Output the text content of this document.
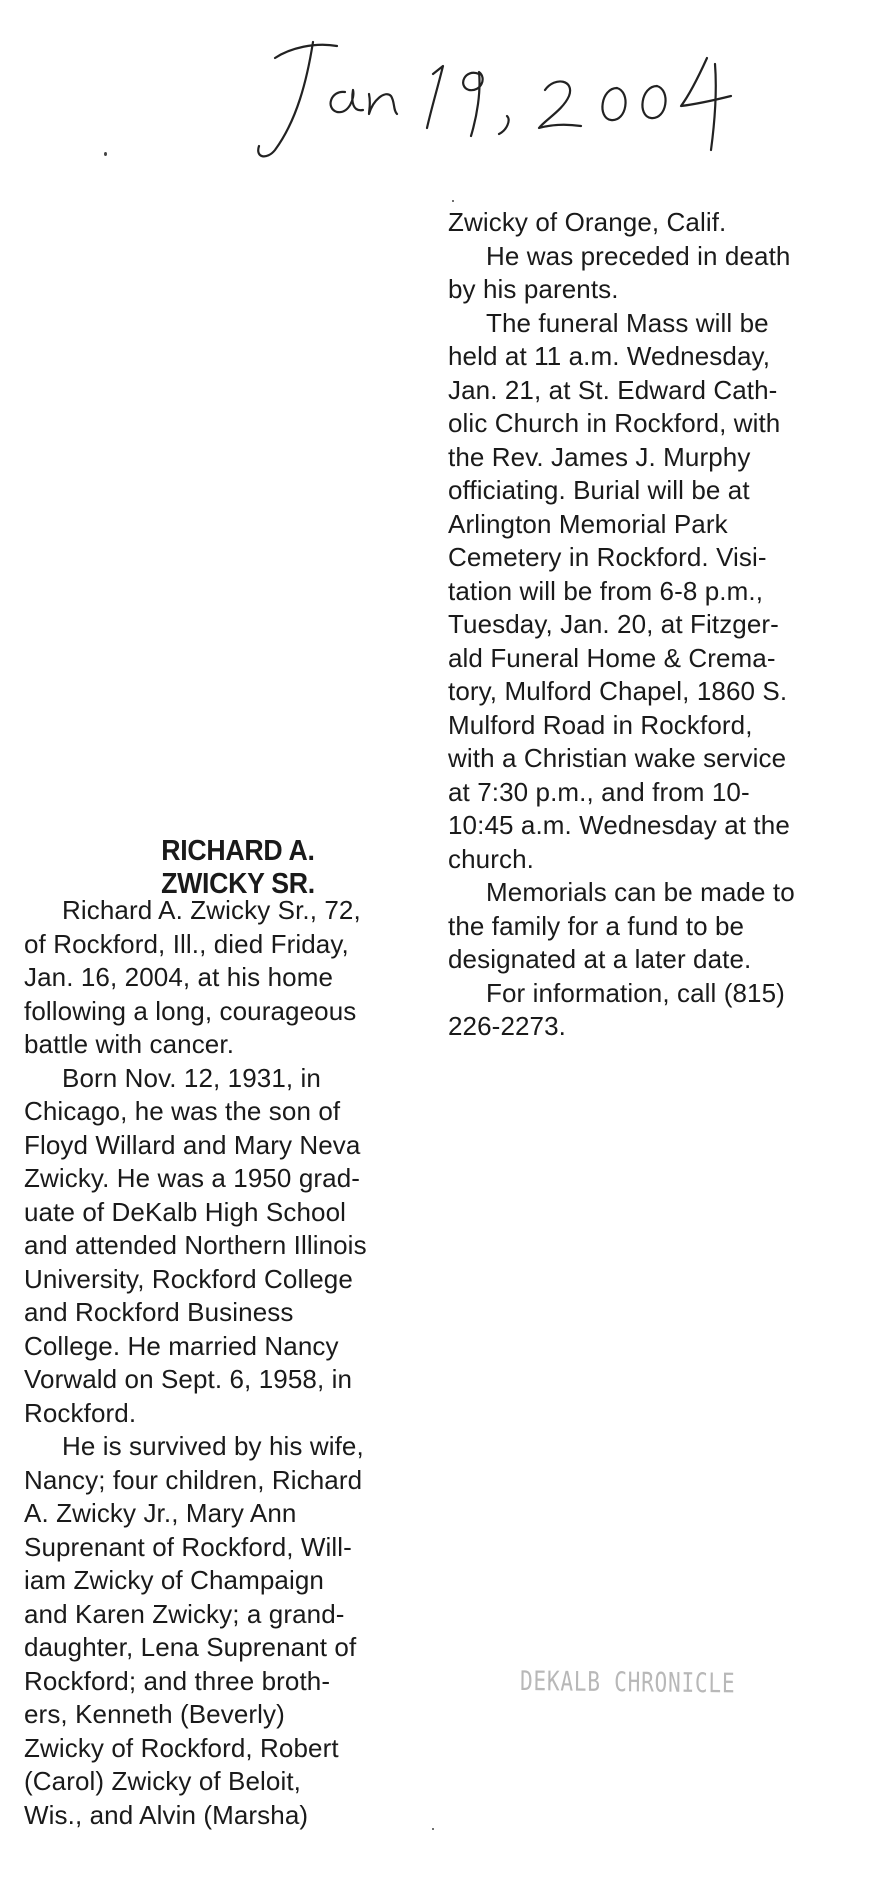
RICHARD A.

ZWICKY SR.

Richard A. Zwicky Sr., 72,
of Rockford, Ill., died Friday,
Jan. 16, 2004, at his home
following a long, courageous
battle with cancer.

Born Nov. 12, 1931, in
Chicago, he was the son of
Floyd Willard and Mary Neva
Zwicky. He was a 1950 grad-
uate of DeKalb High School
and attended Northern Illinois
University, Rockford College
and Rockford Business
College. He married Nancy
Vorwald on Sept. 6, 1958, in
Rockford.

He is survived by his wife,
Nancy; four children, Richard
A. Zwicky Jr., Mary Ann
Suprenant of Rockford, Will-
iam Zwicky of Champaign
and Karen Zwicky; a grand-
daughter, Lena Suprenant of
Rockford; and three broth-
ers, Kenneth (Beverly)
Zwicky of Rockford, Robert
(Carol) Zwicky of Beloit,
Wis., and Alvin (Marsha)

Zwicky of Orange, Calif.

He was preceded in death
by his parents.

The funeral Mass will be
held at 11 a.m. Wednesday,
Jan. 21, at St. Edward Cath-
olic Church in Rockford, with
the Rev. James J. Murphy
officiating. Burial will be at
Arlington Memorial Park
Cemetery in Rockford. Visi-
tation will be from 6-8 p.m.,
Tuesday, Jan. 20, at Fitzger-
ald Funeral Home & Crema-
tory, Mulford Chapel, 1860 S.
Mulford Road in Rockford,
with a Christian wake service
at 7:30 p.m., and from 10-
10:45 a.m. Wednesday at the
church.

Memorials can be made to
the family for a fund to be
designated at a later date.

For information, call (815)
226-2273.

DEKALB CHRONICLE
